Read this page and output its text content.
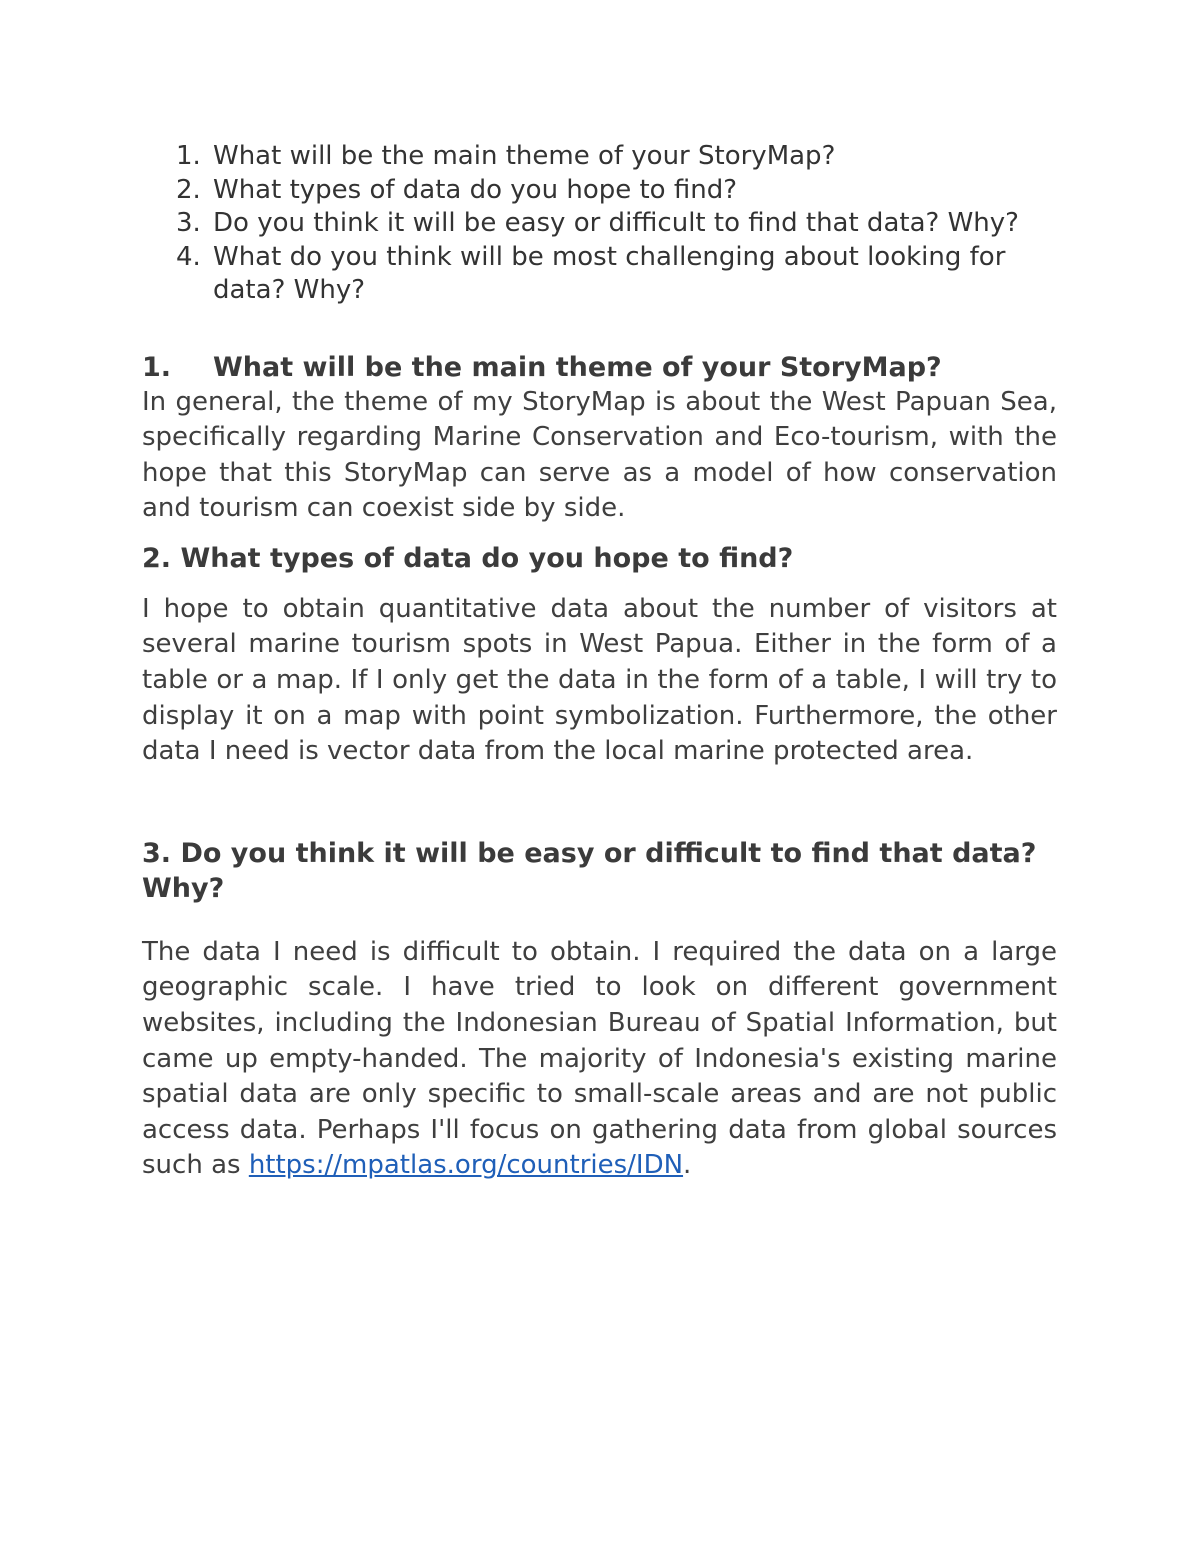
1. What will be the main theme of your StoryMap?
2. What types of data do you hope to find?
3. Do you think it will be easy or difficult to find that data? Why?
4. What do you think will be most challenging about looking for data? Why?
1. What will be the main theme of your StoryMap?

In general, the theme of my StoryMap is about the West Papuan Sea, specifically regarding Marine Conservation and Eco-tourism, with the hope that this StoryMap can serve as a model of how conservation and tourism can coexist side by side.

2. What types of data do you hope to find?

I hope to obtain quantitative data about the number of visitors at several marine tourism spots in West Papua. Either in the form of a table or a map. If I only get the data in the form of a table, I will try to display it on a map with point symbolization. Furthermore, the other data I need is vector data from the local marine protected area.

3. Do you think it will be easy or difficult to find that data? Why?

The data I need is difficult to obtain. I required the data on a large geographic scale. I have tried to look on different government websites, including the Indonesian Bureau of Spatial Information, but came up empty-handed. The majority of Indonesia's existing marine spatial data are only specific to small-scale areas and are not public access data. Perhaps I'll focus on gathering data from global sources such as https://mpatlas.org/countries/IDN.
